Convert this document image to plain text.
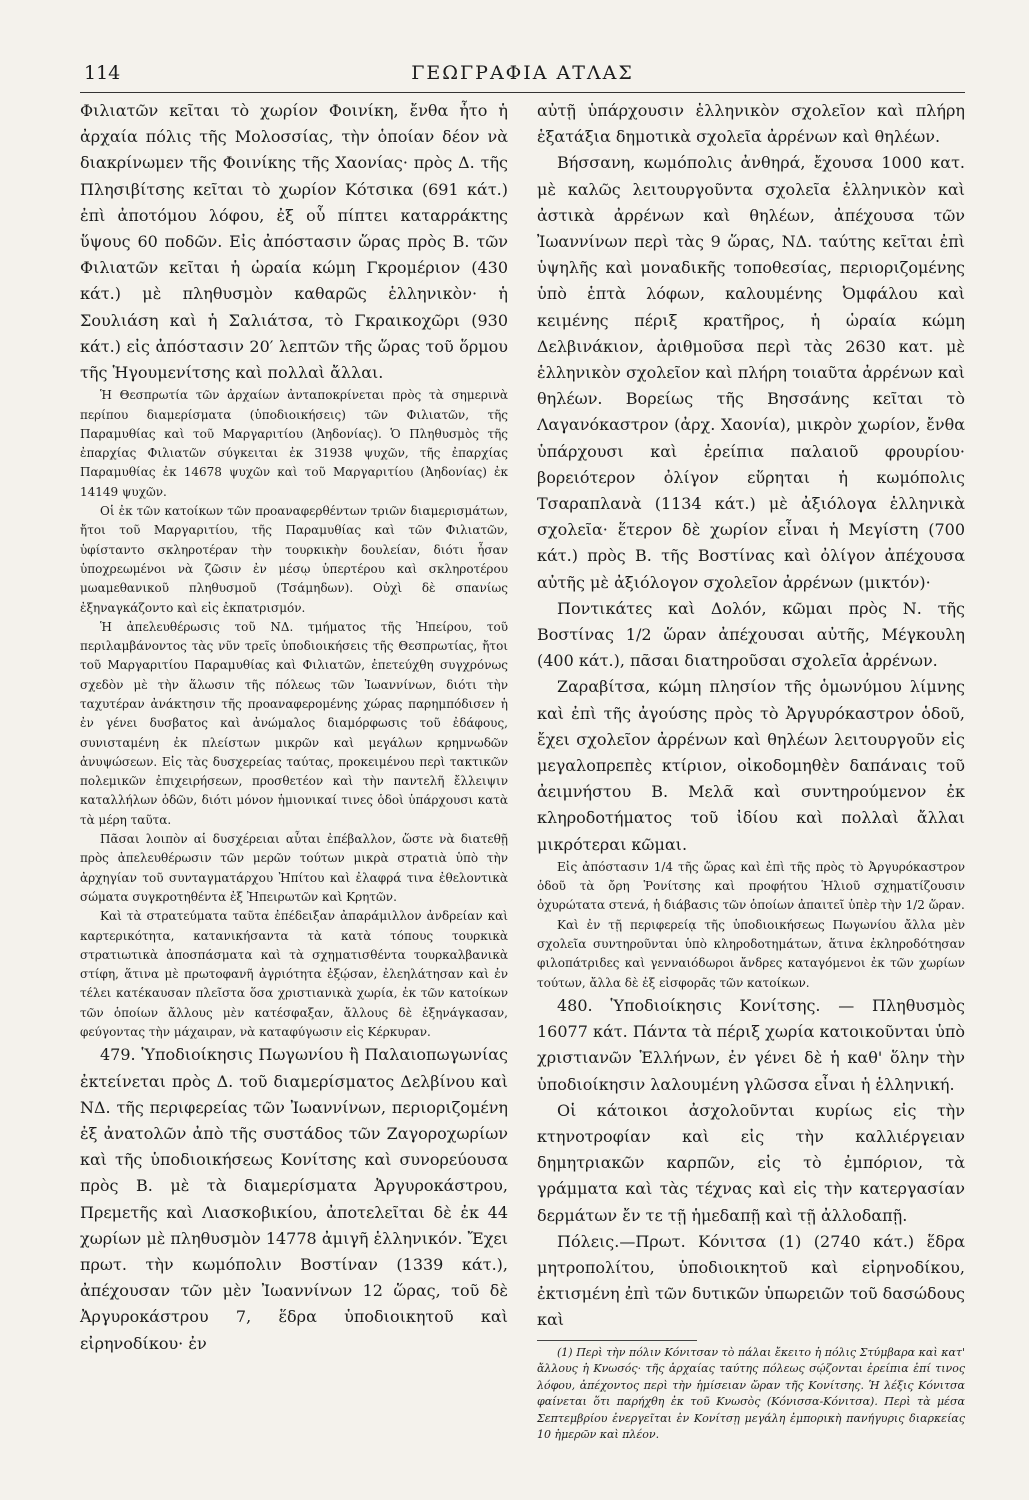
114	ΓΕΩΓΡΑΦΙΑ ΑΤΛΑΣ

Φιλιατῶν κεῖται τὸ χωρίον Φοινίκη, ἔνθα ἦτο ἡ ἀρχαία πόλις τῆς Μολοσσίας, τὴν ὁποίαν δέον νὰ διακρίνωμεν τῆς Φοινίκης τῆς Χαονίας· πρὸς Δ. τῆς Πλησιβίτσης κεῖται τὸ χωρίον Κότσικα (691 κάτ.) ἐπὶ ἀποτόμου λόφου, ἐξ οὗ πίπτει καταρράκτης ὕψους 60 ποδῶν. Εἰς ἀπόστασιν ὥρας πρὸς Β. τῶν Φιλιατῶν κεῖται ἡ ὡραία κώμη Γκρομέριον (430 κάτ.) μὲ πληθυσμὸν καθαρῶς ἑλληνικὸν· ἡ Σουλιάση καὶ ἡ Σαλιάτσα, τὸ Γκραικοχῶρι (930 κάτ.) εἰς ἀπόστασιν 20′ λεπτῶν τῆς ὥρας τοῦ ὅρμου τῆς Ἡγουμενίτσης καὶ πολλαὶ ἄλλαι.

Ἡ Θεσπρωτία τῶν ἀρχαίων ἀνταποκρίνεται πρὸς τὰ σημερινὰ περίπου διαμερίσματα (ὑποδιοικήσεις) τῶν Φιλιατῶν, τῆς Παραμυθίας καὶ τοῦ Μαργαριτίου (Ἀηδονίας). Ὁ Πληθυσμὸς τῆς ἐπαρχίας Φιλιατῶν σύγκειται ἐκ 31938 ψυχῶν, τῆς ἐπαρχίας Παραμυθίας ἐκ 14678 ψυχῶν καὶ τοῦ Μαργαριτίου (Ἀηδονίας) ἐκ 14149 ψυχῶν.

Οἱ ἐκ τῶν κατοίκων τῶν προαναφερθέντων τριῶν διαμερισμάτων, ἤτοι τοῦ Μαργαριτίου, τῆς Παραμυθίας καὶ τῶν Φιλιατῶν, ὑφίσταντο σκληροτέραν τὴν τουρκικὴν δουλείαν, διότι ἦσαν ὑποχρεωμένοι νὰ ζῶσιν ἐν μέσῳ ὑπερτέρου καὶ σκληροτέρου μωαμεθανικοῦ πληθυσμοῦ (Τσάμηδων). Οὐχὶ δὲ σπανίως ἐξηναγκάζοντο καὶ εἰς ἐκπατρισμόν.

Ἡ ἀπελευθέρωσις τοῦ ΝΔ. τμήματος τῆς Ἠπείρου, τοῦ περιλαμβάνοντος τὰς νῦν τρεῖς ὑποδιοικήσεις τῆς Θεσπρωτίας, ἤτοι τοῦ Μαργαριτίου Παραμυθίας καὶ Φιλιατῶν, ἐπετεύχθη συγχρόνως σχεδὸν μὲ τὴν ἅλωσιν τῆς πόλεως τῶν Ἰωαννίνων, διότι τὴν ταχυτέραν ἀνάκτησιν τῆς προαναφερομένης χώρας παρημπόδισεν ἡ ἐν γένει δυσβατος καὶ ἀνώμαλος διαμόρφωσις τοῦ ἐδάφους, συνισταμένη ἐκ πλείστων μικρῶν καὶ μεγάλων κρημνωδῶν ἀνυψώσεων. Εἰς τὰς δυσχερείας ταύτας, προκειμένου περὶ τακτικῶν πολεμικῶν ἐπιχειρήσεων, προσθετέον καὶ τὴν παντελῆ ἔλλειψιν καταλλήλων ὁδῶν, διότι μόνον ἡμιονικαί τινες ὁδοὶ ὑπάρχουσι κατὰ τὰ μέρη ταῦτα.

Πᾶσαι λοιπὸν αἱ δυσχέρειαι αὗται ἐπέβαλλον, ὥστε νὰ διατεθῇ πρὸς ἀπελευθέρωσιν τῶν μερῶν τούτων μικρὰ στρατιὰ ὑπὸ τὴν ἀρχηγίαν τοῦ συνταγματάρχου Ἠπίτου καὶ ἐλαφρά τινα ἐθελοντικὰ σώματα συγκροτηθέντα ἐξ Ἠπειρωτῶν καὶ Κρητῶν.

Καὶ τὰ στρατεύματα ταῦτα ἐπέδειξαν ἀπαράμιλλον ἀνδρείαν καὶ καρτερικότητα, κατανικήσαντα τὰ κατὰ τόπους τουρκικὰ στρατιωτικὰ ἀποσπάσματα καὶ τὰ σχηματισθέντα τουρκαλβανικὰ στίφη, ἅτινα μὲ πρωτοφανῆ ἀγριότητα ἐξῴσαν, ἐλεηλάτησαν καὶ ἐν τέλει κατέκαυσαν πλεῖστα ὅσα χριστιανικὰ χωρία, ἐκ τῶν κατοίκων τῶν ὁποίων ἄλλους μὲν κατέσφαξαν, ἄλλους δὲ ἐξηνάγκασαν, φεύγοντας τὴν μάχαιραν, νὰ καταφύγωσιν εἰς Κέρκυραν.

479. Ὑποδιοίκησις Πωγωνίου ἢ Παλαιοπωγωνίας ἐκτείνεται πρὸς Δ. τοῦ διαμερίσματος Δελβίνου καὶ ΝΔ. τῆς περιφερείας τῶν Ἰωαννίνων, περιοριζομένη ἐξ ἀνατολῶν ἀπὸ τῆς συστάδος τῶν Ζαγοροχωρίων καὶ τῆς ὑποδιοικήσεως Κονίτσης καὶ συνορεύουσα πρὸς Β. μὲ τὰ διαμερίσματα Ἀργυροκάστρου, Πρεμετῆς καὶ Λιασκοβικίου, ἀποτελεῖται δὲ ἐκ 44 χωρίων μὲ πληθυσμὸν 14778 ἀμιγῆ ἑλληνικόν. Ἔχει πρωτ. τὴν κωμόπολιν Βοστίναν (1339 κάτ.), ἀπέχουσαν τῶν μὲν Ἰωαννίνων 12 ὥρας, τοῦ δὲ Ἀργυροκάστρου 7, ἕδρα ὑποδιοικητοῦ καὶ εἰρηνοδίκου· ἐν

αὐτῇ ὑπάρχουσιν ἑλληνικὸν σχολεῖον καὶ πλήρη ἑξατάξια δημοτικὰ σχολεῖα ἀρρένων καὶ θηλέων.

Βήσσανη, κωμόπολις ἀνθηρά, ἔχουσα 1000 κατ. μὲ καλῶς λειτουργοῦντα σχολεῖα ἑλληνικὸν καὶ ἀστικὰ ἀρρένων καὶ θηλέων, ἀπέχουσα τῶν Ἰωαννίνων περὶ τὰς 9 ὥρας, ΝΔ. ταύτης κεῖται ἐπὶ ὑψηλῆς καὶ μοναδικῆς τοποθεσίας, περιοριζομένης ὑπὸ ἑπτὰ λόφων, καλουμένης Ὀμφάλου καὶ κειμένης πέριξ κρατῆρος, ἡ ὡραία κώμη Δελβινάκιον, ἀριθμοῦσα περὶ τὰς 2630 κατ. μὲ ἑλληνικὸν σχολεῖον καὶ πλήρη τοιαῦτα ἀρρένων καὶ θηλέων. Βορείως τῆς Βησσάνης κεῖται τὸ Λαγανόκαστρον (ἀρχ. Χαονία), μικρὸν χωρίον, ἔνθα ὑπάρχουσι καὶ ἐρείπια παλαιοῦ φρουρίου· βορειότερον ὀλίγον εὕρηται ἡ κωμόπολις Τσαραπλανὰ (1134 κάτ.) μὲ ἀξιόλογα ἑλληνικὰ σχολεῖα· ἕτερον δὲ χωρίον εἶναι ἡ Μεγίστη (700 κάτ.) πρὸς Β. τῆς Βοστίνας καὶ ὀλίγον ἀπέχουσα αὐτῆς μὲ ἀξιόλογον σχολεῖον ἀρρένων (μικτόν)·

Ποντικάτες καὶ Δολόν, κῶμαι πρὸς Ν. τῆς Βοστίνας 1/2 ὥραν ἀπέχουσαι αὐτῆς, Μέγκουλη (400 κάτ.), πᾶσαι διατηροῦσαι σχολεῖα ἀρρένων.

Ζαραβίτσα, κώμη πλησίον τῆς ὁμωνύμου λίμνης καὶ ἐπὶ τῆς ἀγούσης πρὸς τὸ Ἀργυρόκαστρον ὁδοῦ, ἔχει σχολεῖον ἀρρένων καὶ θηλέων λειτουργοῦν εἰς μεγαλοπρεπὲς κτίριον, οἰκοδομηθὲν δαπάναις τοῦ ἀειμνήστου Β. Μελᾶ καὶ συντηρούμενον ἐκ κληροδοτήματος τοῦ ἰδίου καὶ πολλαὶ ἄλλαι μικρότεραι κῶμαι.

Εἰς ἀπόστασιν 1/4 τῆς ὥρας καὶ ἐπὶ τῆς πρὸς τὸ Ἀργυρόκαστρον ὁδοῦ τὰ ὄρη Ῥονίτσης καὶ προφήτου Ἡλιοῦ σχηματίζουσιν ὀχυρώτατα στενά, ἡ διάβασις τῶν ὁποίων ἀπαιτεῖ ὑπὲρ τὴν 1/2 ὥραν.

Καὶ ἐν τῇ περιφερείᾳ τῆς ὑποδιοικήσεως Πωγωνίου ἄλλα μὲν σχολεῖα συντηροῦνται ὑπὸ κληροδοτημάτων, ἅτινα ἐκληροδότησαν φιλοπάτριδες καὶ γενναιόδωροι ἄνδρες καταγόμενοι ἐκ τῶν χωρίων τούτων, ἄλλα δὲ ἐξ εἰσφορᾶς τῶν κατοίκων.

480. Ὑποδιοίκησις Κονίτσης. — Πληθυσμὸς 16077 κάτ. Πάντα τὰ πέριξ χωρία κατοικοῦνται ὑπὸ χριστιανῶν Ἑλλήνων, ἐν γένει δὲ ἡ καθ' ὅλην τὴν ὑποδιοίκησιν λαλουμένη γλῶσσα εἶναι ἡ ἑλληνική.

Οἱ κάτοικοι ἀσχολοῦνται κυρίως εἰς τὴν κτηνοτροφίαν καὶ εἰς τὴν καλλιέργειαν δημητριακῶν καρπῶν, εἰς τὸ ἐμπόριον, τὰ γράμματα καὶ τὰς τέχνας καὶ εἰς τὴν κατεργασίαν δερμάτων ἔν τε τῇ ἡμεδαπῇ καὶ τῇ ἀλλοδαπῇ.

Πόλεις.—Πρωτ. Κόνιτσα (1) (2740 κάτ.) ἕδρα μητροπολίτου, ὑποδιοικητοῦ καὶ εἰρηνοδίκου, ἐκτισμένη ἐπὶ τῶν δυτικῶν ὑπωρειῶν τοῦ δασώδους καὶ

(1) Περὶ τὴν πόλιν Κόνιτσαν τὸ πάλαι ἔκειτο ἡ πόλις Στύμβαρα καὶ κατ' ἄλλους ἡ Κνωσός· τῆς ἀρχαίας ταύτης πόλεως σῴζονται ἐρείπια ἐπί τινος λόφου, ἀπέχοντος περὶ τὴν ἡμίσειαν ὥραν τῆς Κονίτσης. Ἡ λέξις Κόνιτσα φαίνεται ὅτι παρήχθη ἐκ τοῦ Κνωσὸς (Κόνισσα-Κόνιτσα). Περὶ τὰ μέσα Σεπτεμβρίου ἐνεργεῖται ἐν Κονίτσῃ μεγάλη ἐμπορικὴ πανήγυρις διαρκείας 10 ἡμερῶν καὶ πλέον.
